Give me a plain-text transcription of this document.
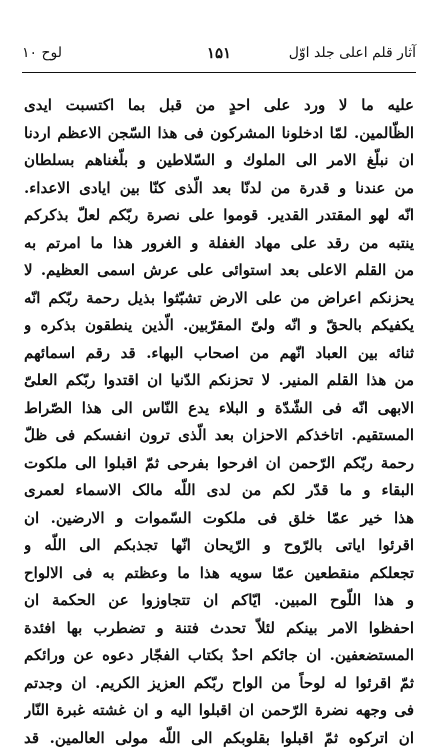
آثار قلم اعلی جلد اوّل
۱۵۱
لوح ۱۰
عليه ما لا ورد على احدٍ من قبل بما اكتسبت ايدى
الظّالمين. لمّا ادخلونا المشركون فى هذا السّجن الاعظم اردنا
ان نبلّغ الامر الى الملوك و السّلاطين و بلّغناهم بسلطان
من عندنا و قدرة من لدنّا بعد الّذى كنّا بين ايادى الاعداء.
انّه لهو المقتدر القدير. قوموا على نصرة ربّكم لعلّ بذكركم
ينتبه من رقد على مهاد الغفلة و الغرور هذا ما امرتم به
من القلم الاعلى بعد استوائى على عرش اسمى العظيم. لا
يحزنكم اعراض من على الارض تشبّثوا بذيل رحمة ربّكم انّه
يكفيكم بالحقّ و انّه ولىّ المقرّبين. الّذين ينطقون بذكره و
ثنائه بين العباد انّهم من اصحاب البهاء. قد رقم اسمائهم
من هذا القلم المنير. لا تحزنكم الدّنيا ان اقتدوا ربّكم العلىّ
الابهى انّه فى الشّدّة و البلاء يدع النّاس الى هذا الصّراط
المستقيم. اتاخذكم الاحزان بعد الّذى ترون انفسكم فى ظلّ
رحمة ربّكم الرّحمن ان افرحوا بفرحى ثمّ اقبلوا الى ملكوت
البقاء و ما قدّر لكم من لدى اللّه مالک الاسماء لعمرى
هذا خير عمّا خلق فى ملكوت السّموات و الارضين. ان
اقرئوا اياتى بالرّوح و الرّيحان انّها تجذبكم الى اللّه و
تجعلكم منقطعين عمّا سويه هذا ما وعظتم به فى الالواح
و هذا اللّوح المبين. ايّاكم ان تتجاوزوا عن الحكمة ان
احفظوا الامر بينكم لئلاّ تحدث فتنة و تضطرب بها افئدة
المستضعفين. ان جائكم احدٌ بكتاب الفجّار دعوه عن ورائكم
ثمّ اقرئوا له لوحاً من الواح ربّكم العزيز الكريم. ان وجدتم
فى وجهه نضرة الرّحمن ان اقبلوا اليه و ان غشته غبرة النّار
ان اتركوه ثمّ اقبلوا بقلوبكم الى اللّه مولى العالمين. قد
